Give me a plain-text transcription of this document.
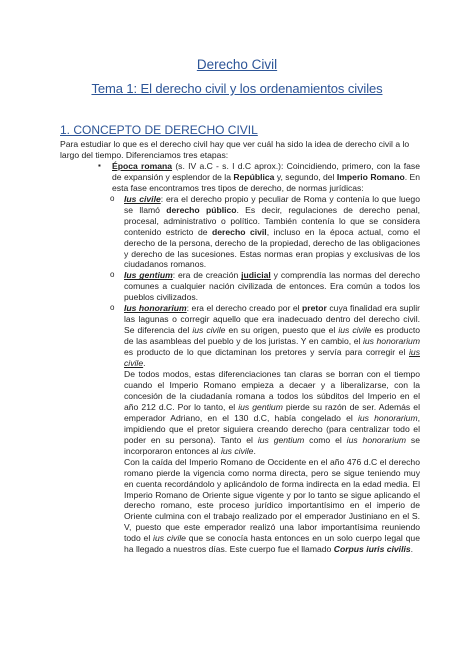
Derecho Civil
Tema 1: El derecho civil y los ordenamientos civiles
1. CONCEPTO DE DERECHO CIVIL

Para estudiar lo que es el derecho civil hay que ver cuál ha sido la idea de derecho civil a lo largo del tiempo. Diferenciamos tres etapas:

▪	Época romana (s. IV a.C - s. I d.C aprox.): Coincidiendo, primero, con la fase de expansión y esplendor de la República y, segundo, del Imperio Romano. En esta fase encontramos tres tipos de derecho, de normas jurídicas:

o	Ius civile: era el derecho propio y peculiar de Roma y contenía lo que luego se llamó derecho público. Es decir, regulaciones de derecho penal, procesal, administrativo o político. También contenía lo que se considera contenido estricto de derecho civil, incluso en la época actual, como el derecho de la persona, derecho de la propiedad, derecho de las obligaciones y derecho de las sucesiones. Estas normas eran propias y exclusivas de los ciudadanos romanos.

o	Ius gentium: era de creación judicial y comprendía las normas del derecho comunes a cualquier nación civilizada de entonces. Era común a todos los pueblos civilizados.

o	Ius honorarium: era el derecho creado por el pretor cuya finalidad era suplir las lagunas o corregir aquello que era inadecuado dentro del derecho civil. Se diferencia del ius civile en su origen, puesto que el ius civile es producto de las asambleas del pueblo y de los juristas. Y en cambio, el ius honorarium es producto de lo que dictaminan los pretores y servía para corregir el ius civile.

De todos modos, estas diferenciaciones tan claras se borran con el tiempo cuando el Imperio Romano empieza a decaer y a liberalizarse, con la concesión de la ciudadanía romana a todos los súbditos del Imperio en el año 212 d.C. Por lo tanto, el ius gentium pierde su razón de ser. Además el emperador Adriano, en el 130 d.C, había congelado el ius honorarium, impidiendo que el pretor siguiera creando derecho (para centralizar todo el poder en su persona). Tanto el ius gentium como el ius honorarium se incorporaron entonces al ius civile.

Con la caída del Imperio Romano de Occidente en el año 476 d.C el derecho romano pierde la vigencia como norma directa, pero se sigue teniendo muy en cuenta recordándolo y aplicándolo de forma indirecta en la edad media. El Imperio Romano de Oriente sigue vigente y por lo tanto se sigue aplicando el derecho romano, este proceso jurídico importantísimo en el imperio de Oriente culmina con el trabajo realizado por el emperador Justiniano en el S. V, puesto que este emperador realizó una labor importantísima reuniendo todo el ius civile que se conocía hasta entonces en un solo cuerpo legal que ha llegado a nuestros días. Este cuerpo fue el llamado Corpus iuris civilis.
